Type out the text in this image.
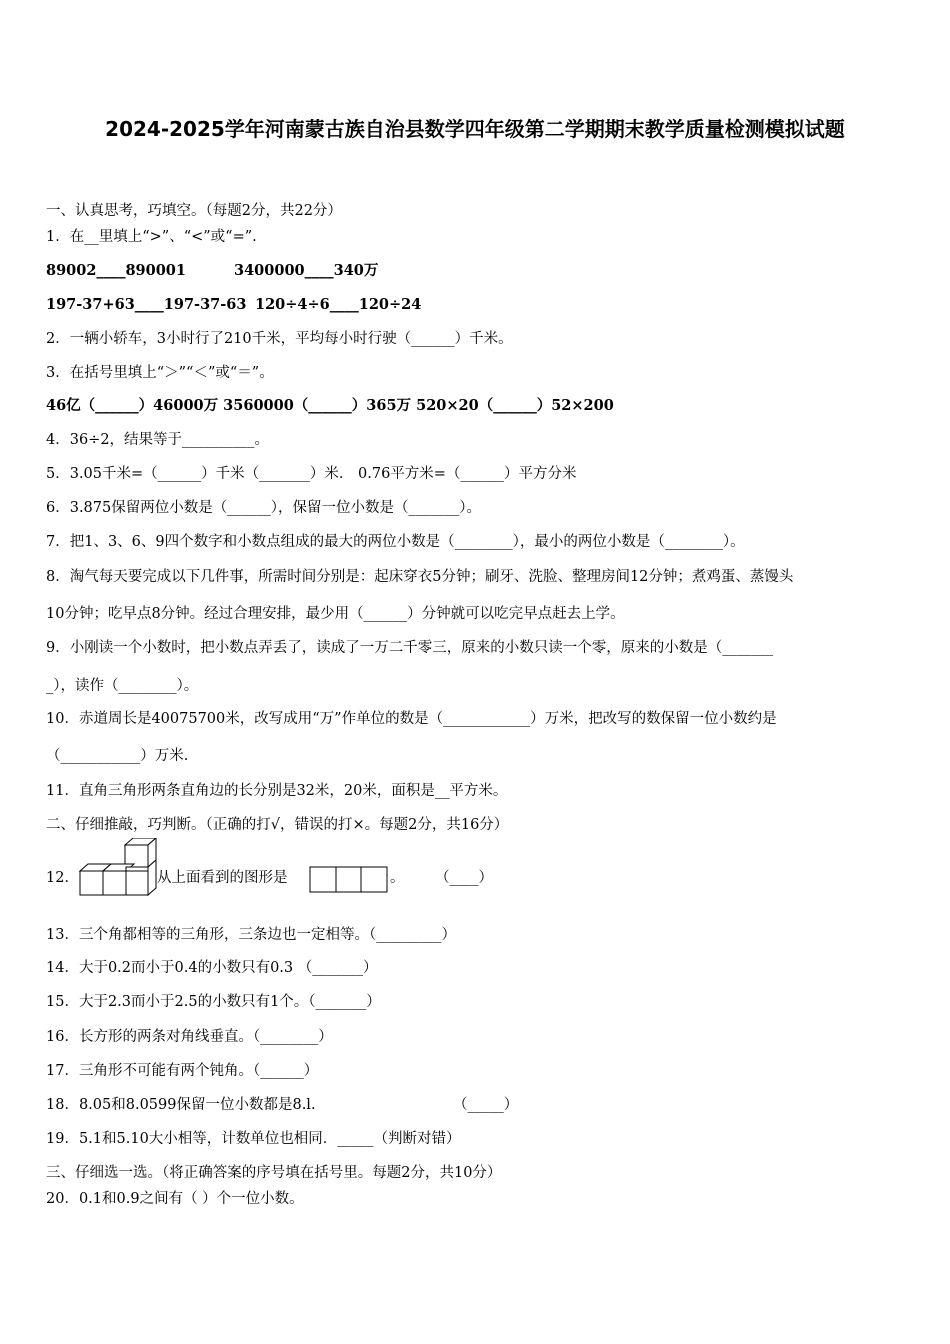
2024-2025学年河南蒙古族自治县数学四年级第二学期期末教学质量检测模拟试题
一、认真思考，巧填空。（每题2分，共22分）
1．在__里填上“>”、“<”或“=”.
89002____890001	3400000____340万
197-37+63____197-37-63 120÷4÷6____120÷24
2．一辆小轿车，3小时行了210千米，平均每小时行驶（______）千米。
3．在括号里填上“＞”“＜”或“＝”。
46亿（______）46000万 3560000（______）365万 520×20（______）52×200
4．36÷2，结果等于__________。
5．3.05千米=（______）千米（_______）米． 0.76平方米=（______）平方分米
6．3.875保留两位小数是（______），保留一位小数是（_______）。
7．把1、3、6、9四个数字和小数点组成的最大的两位小数是（________），最小的两位小数是（________）。
8．淘气每天要完成以下几件事，所需时间分别是：起床穿衣5分钟；刷牙、洗脸、整理房间12分钟；煮鸡蛋、蒸馒头
10分钟；吃早点8分钟。经过合理安排，最少用（______）分钟就可以吃完早点赶去上学。
9．小刚读一个小数时，把小数点弄丢了，读成了一万二千零三，原来的小数只读一个零，原来的小数是（_______
_），读作（________）。
10．赤道周长是40075700米，改写成用“万”作单位的数是（____________）万米，把改写的数保留一位小数约是
（___________）万米.
11．直角三角形两条直角边的长分别是32米，20米，面积是__平方米。
二、仔细推敲，巧判断。（正确的打√，错误的打×。每题2分，共16分）
12．	从上面看到的图形是	。 （____）
13．三个角都相等的三角形，三条边也一定相等。（_________）
14．大于0.2而小于0.4的小数只有0.3 （_______）
15．大于2.3而小于2.5的小数只有1个。（_______）
16．长方形的两条对角线垂直。（________）
17．三角形不可能有两个钝角。（______）
18．8.05和8.0599保留一位小数都是8.l.	（_____）
19．5.1和5.10大小相等，计数单位也相同．_____（判断对错）
三、仔细选一选。（将正确答案的序号填在括号里。每题2分，共10分）
20．0.1和0.9之间有（ ）个一位小数。
